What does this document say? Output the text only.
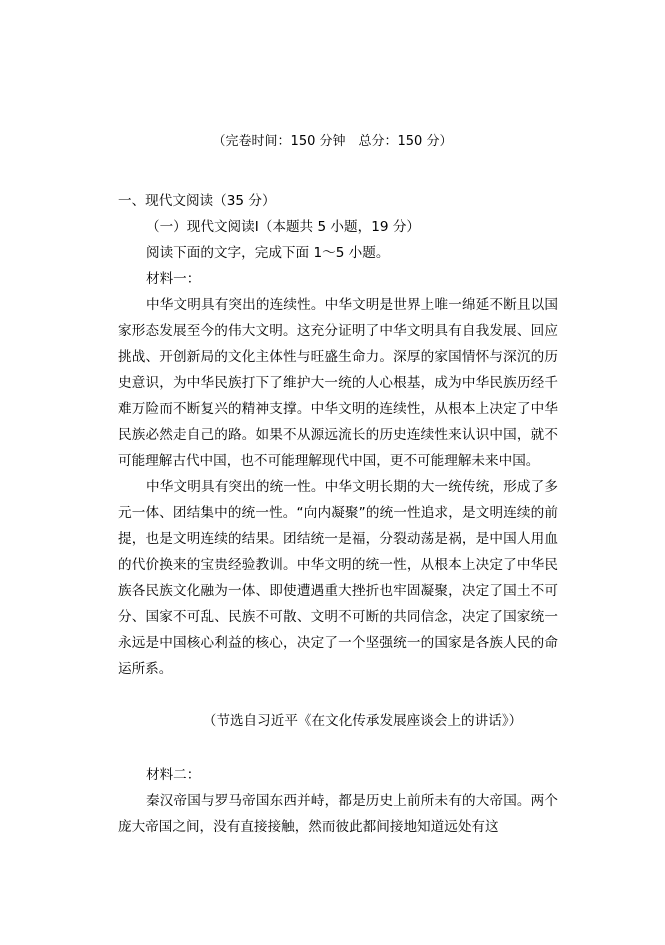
（完卷时间：150 分钟　总分：150 分）
一、现代文阅读（35 分）
（一）现代文阅读Ⅰ（本题共 5 小题，19 分）
阅读下面的文字，完成下面 1～5 小题。
材料一：

中华文明具有突出的连续性。中华文明是世界上唯一绵延不断且以国家形态发展至今的伟大文明。这充分证明了中华文明具有自我发展、回应挑战、开创新局的文化主体性与旺盛生命力。深厚的家国情怀与深沉的历史意识，为中华民族打下了维护大一统的人心根基，成为中华民族历经千难万险而不断复兴的精神支撑。中华文明的连续性，从根本上决定了中华民族必然走自己的路。如果不从源远流长的历史连续性来认识中国，就不可能理解古代中国，也不可能理解现代中国，更不可能理解未来中国。

中华文明具有突出的统一性。中华文明长期的大一统传统，形成了多元一体、团结集中的统一性。“向内凝聚”的统一性追求，是文明连续的前提，也是文明连续的结果。团结统一是福，分裂动荡是祸，是中国人用血的代价换来的宝贵经验教训。中华文明的统一性，从根本上决定了中华民族各民族文化融为一体、即使遭遇重大挫折也牢固凝聚，决定了国土不可分、国家不可乱、民族不可散、文明不可断的共同信念，决定了国家统一永远是中国核心利益的核心，决定了一个坚强统一的国家是各族人民的命运所系。

（节选自习近平《在文化传承发展座谈会上的讲话》）
材料二：

秦汉帝国与罗马帝国东西并峙，都是历史上前所未有的大帝国。两个庞大帝国之间，没有直接接触，然而彼此都间接地知道远处有这
